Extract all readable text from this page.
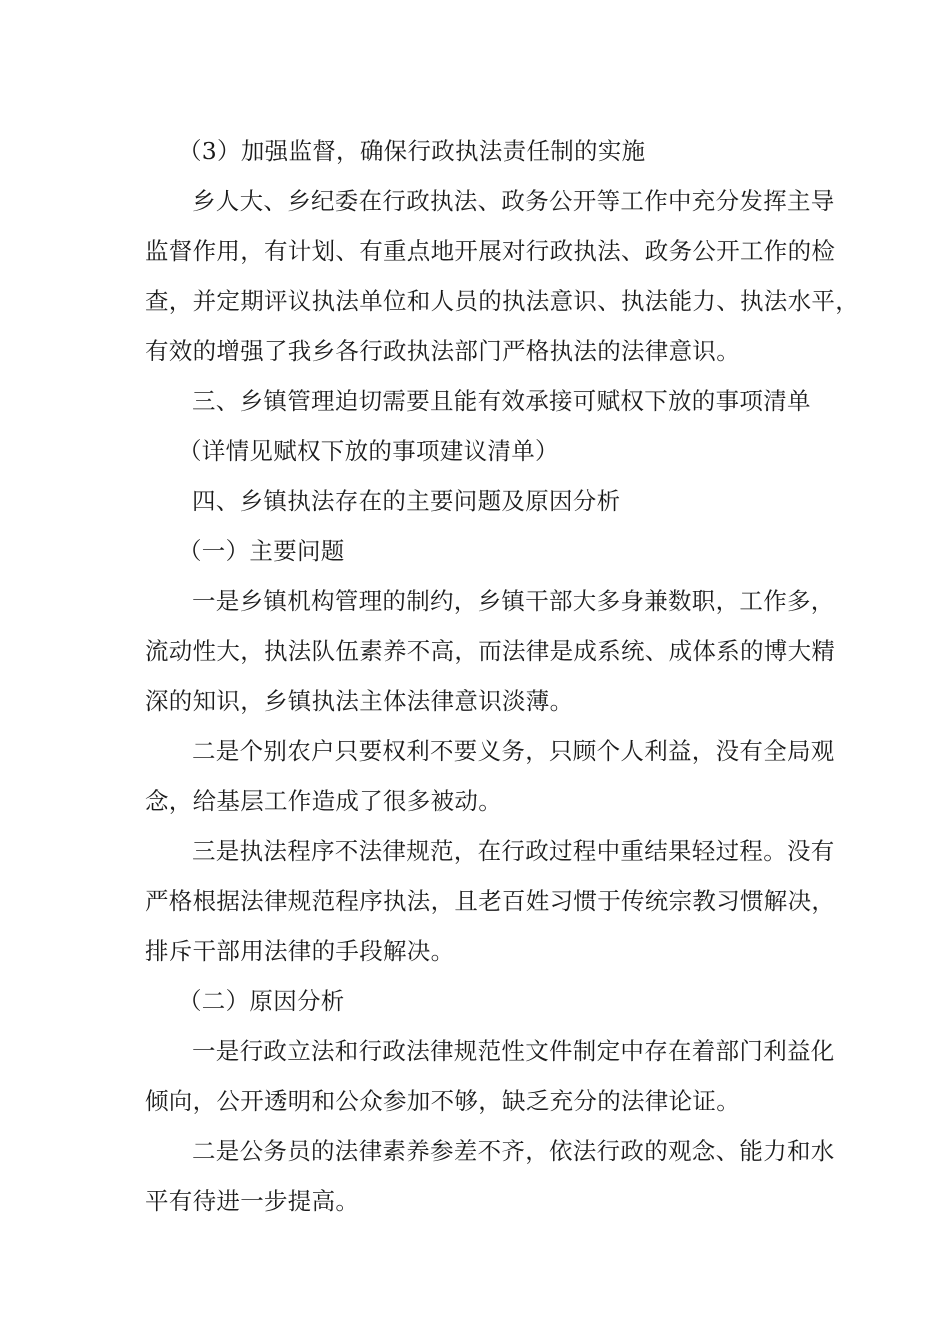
（3）加强监督，确保行政执法责任制的实施
乡人大、乡纪委在行政执法、政务公开等工作中充分发挥主导
监督作用，有计划、有重点地开展对行政执法、政务公开工作的检
查，并定期评议执法单位和人员的执法意识、执法能力、执法水平，
有效的增强了我乡各行政执法部门严格执法的法律意识。
三、乡镇管理迫切需要且能有效承接可赋权下放的事项清单
（详情见赋权下放的事项建议清单）
四、乡镇执法存在的主要问题及原因分析
（一）主要问题
一是乡镇机构管理的制约，乡镇干部大多身兼数职，工作多，
流动性大，执法队伍素养不高，而法律是成系统、成体系的博大精
深的知识，乡镇执法主体法律意识淡薄。
二是个别农户只要权利不要义务，只顾个人利益，没有全局观
念，给基层工作造成了很多被动。
三是执法程序不法律规范，在行政过程中重结果轻过程。没有
严格根据法律规范程序执法，且老百姓习惯于传统宗教习惯解决，
排斥干部用法律的手段解决。
（二）原因分析
一是行政立法和行政法律规范性文件制定中存在着部门利益化
倾向，公开透明和公众参加不够，缺乏充分的法律论证。
二是公务员的法律素养参差不齐，依法行政的观念、能力和水
平有待进一步提高。
